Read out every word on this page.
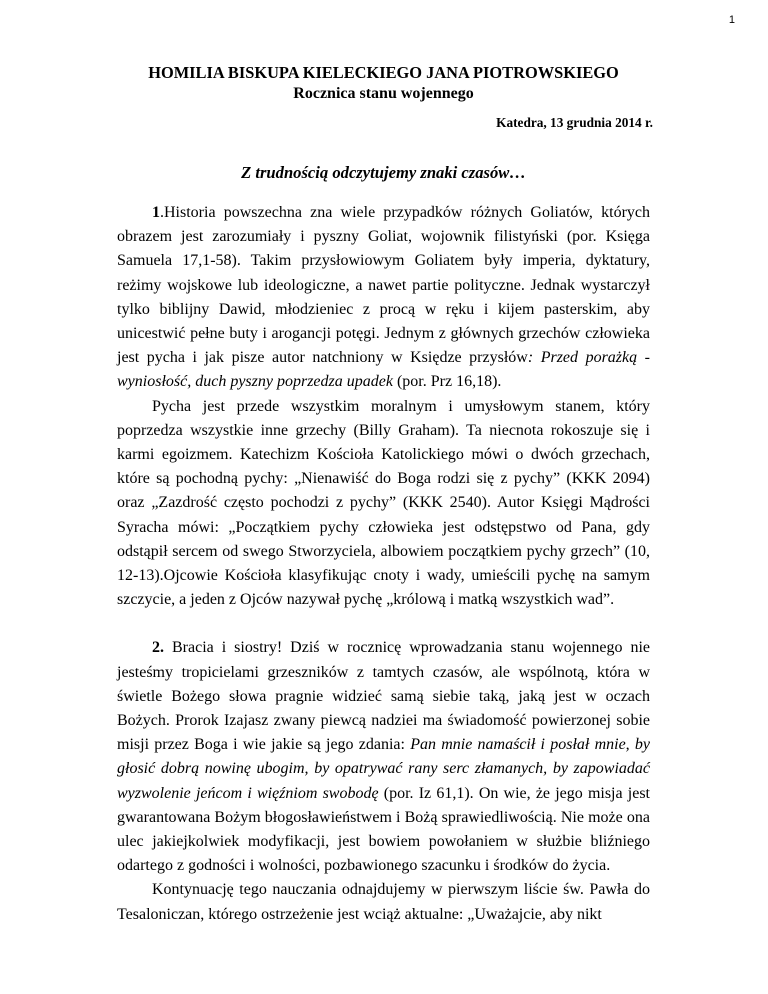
1
HOMILIA BISKUPA KIELECKIEGO JANA PIOTROWSKIEGO
Rocznica stanu wojennego
Katedra, 13 grudnia 2014 r.
Z trudnością odczytujemy znaki czasów…

1.Historia powszechna zna wiele przypadków różnych Goliatów, których obrazem jest zarozumiały i pyszny Goliat, wojownik filistyński (por. Księga Samuela 17,1-58). Takim przysłowiowym Goliatem były imperia, dyktatury, reżimy wojskowe lub ideologiczne, a nawet partie polityczne. Jednak wystarczył tylko biblijny Dawid, młodzieniec z procą w ręku i kijem pasterskim, aby unicestwić pełne buty i arogancji potęgi. Jednym z głównych grzechów człowieka jest pycha i jak pisze autor natchniony w Księdze przysłów: Przed porażką - wyniosłość, duch pyszny poprzedza upadek (por. Prz 16,18).

Pycha jest przede wszystkim moralnym i umysłowym stanem, który poprzedza wszystkie inne grzechy (Billy Graham). Ta niecnota rokoszuje się i karmi egoizmem. Katechizm Kościoła Katolickiego mówi o dwóch grzechach, które są pochodną pychy: „Nienawiść do Boga rodzi się z pychy” (KKK 2094) oraz „Zazdrość często pochodzi z pychy” (KKK 2540). Autor Księgi Mądrości Syracha mówi: „Początkiem pychy człowieka jest odstępstwo od Pana, gdy odstąpił sercem od swego Stworzyciela, albowiem początkiem pychy grzech” (10, 12-13).Ojcowie Kościoła klasyfikując cnoty i wady, umieścili pychę na samym szczycie, a jeden z Ojców nazywał pychę „królową i matką wszystkich wad”.

2. Bracia i siostry! Dziś w rocznicę wprowadzania stanu wojennego nie jesteśmy tropicielami grzeszników z tamtych czasów, ale wspólnotą, która w świetle Bożego słowa pragnie widzieć samą siebie taką, jaką jest w oczach Bożych. Prorok Izajasz zwany piewcą nadziei ma świadomość powierzonej sobie misji przez Boga i wie jakie są jego zdania: Pan mnie namaścił i posłał mnie, by głosić dobrą nowinę ubogim, by opatrywać rany serc złamanych, by zapowiadać wyzwolenie jeńcom i więźniom swobodę (por. Iz 61,1). On wie, że jego misja jest gwarantowana Bożym błogosławieństwem i Bożą sprawiedliwością. Nie może ona ulec jakiejkolwiek modyfikacji, jest bowiem powołaniem w służbie bliźniego odartego z godności i wolności, pozbawionego szacunku i środków do życia.

Kontynuację tego nauczania odnajdujemy w pierwszym liście św. Pawła do Tesaloniczan, którego ostrzeżenie jest wciąż aktualne: „Uważajcie, aby nikt
